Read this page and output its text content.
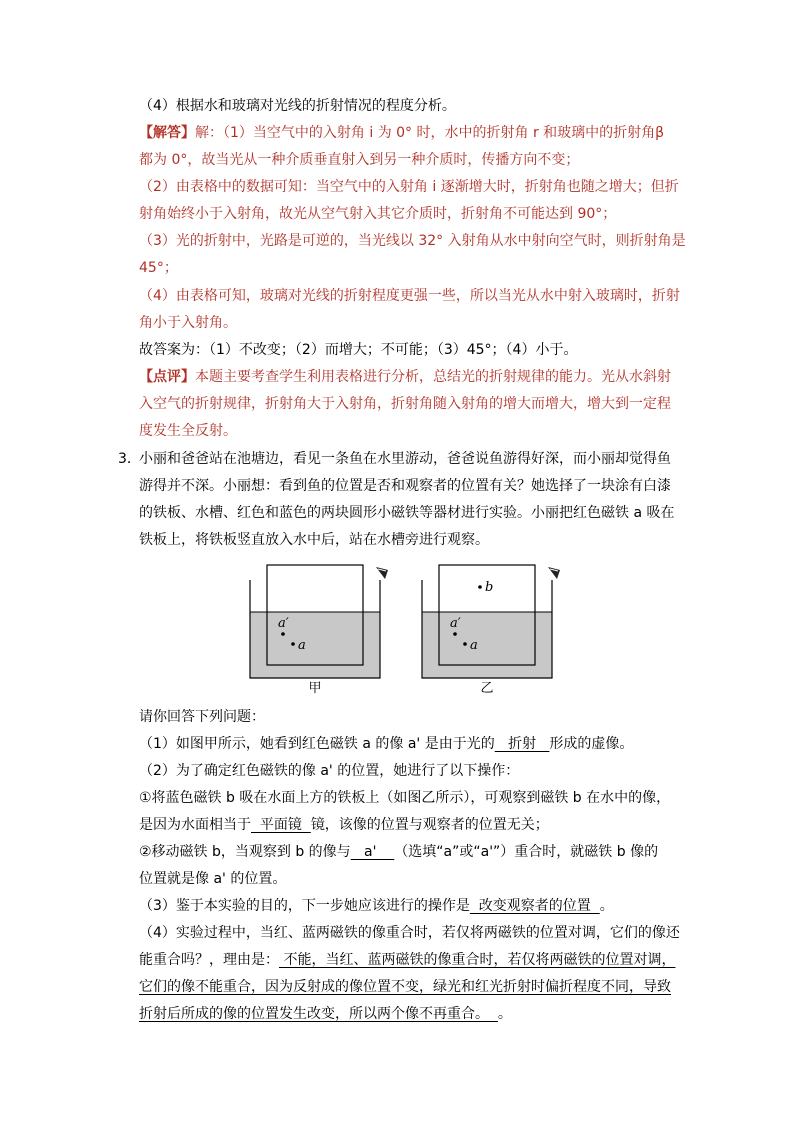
（4）根据水和玻璃对光线的折射情况的程度分析。
【解答】解：（1）当空气中的入射角 i 为 0° 时，水中的折射角 r 和玻璃中的折射角β
都为 0°，故当光从一种介质垂直射入到另一种介质时，传播方向不变；
（2）由表格中的数据可知：当空气中的入射角 i 逐渐增大时，折射角也随之增大；但折
射角始终小于入射角，故光从空气射入其它介质时，折射角不可能达到 90°；
（3）光的折射中，光路是可逆的，当光线以 32° 入射角从水中射向空气时，则折射角是
45°；
（4）由表格可知，玻璃对光线的折射程度更强一些，所以当光从水中射入玻璃时，折射
角小于入射角。
故答案为：（1）不改变；（2）而增大；不可能；（3）45°；（4）小于。
【点评】本题主要考查学生利用表格进行分析，总结光的折射规律的能力。光从水斜射
入空气的折射规律，折射角大于入射角，折射角随入射角的增大而增大，增大到一定程
度发生全反射。
3．
小丽和爸爸站在池塘边，看见一条鱼在水里游动，爸爸说鱼游得好深，而小丽却觉得鱼
游得并不深。小丽想：看到鱼的位置是否和观察者的位置有关？她选择了一块涂有白漆
的铁板、水槽、红色和蓝色的两块圆形小磁铁等器材进行实验。小丽把红色磁铁 a 吸在
铁板上，将铁板竖直放入水中后，站在水槽旁进行观察。
a′
a
甲
b
a′
a
乙
请你回答下列问题：
（1）如图甲所示，她看到红色磁铁 a 的像 a' 是由于光的   折射   形成的虚像。
（2）为了确定红色磁铁的像 a' 的位置，她进行了以下操作：
①将蓝色磁铁 b 吸在水面上方的铁板上（如图乙所示），可观察到磁铁 b 在水中的像，
是因为水面相当于  平面镜  镜，该像的位置与观察者的位置无关；
②移动磁铁 b，当观察到 b 的像与   a'    （选填“a”或“a'”）重合时，就磁铁 b 像的
位置就是像 a' 的位置。
（3）鉴于本实验的目的，下一步她应该进行的操作是  改变观察者的位置  。
（4）实验过程中，当红、蓝两磁铁的像重合时，若仅将两磁铁的位置对调，它们的像还
能重合吗？，理由是： 不能，当红、蓝两磁铁的像重合时，若仅将两磁铁的位置对调，
它们的像不能重合，因为反射成的像位置不变，绿光和红光折射时偏折程度不同，导致
折射后所成的像的位置发生改变，所以两个像不再重合。  。
